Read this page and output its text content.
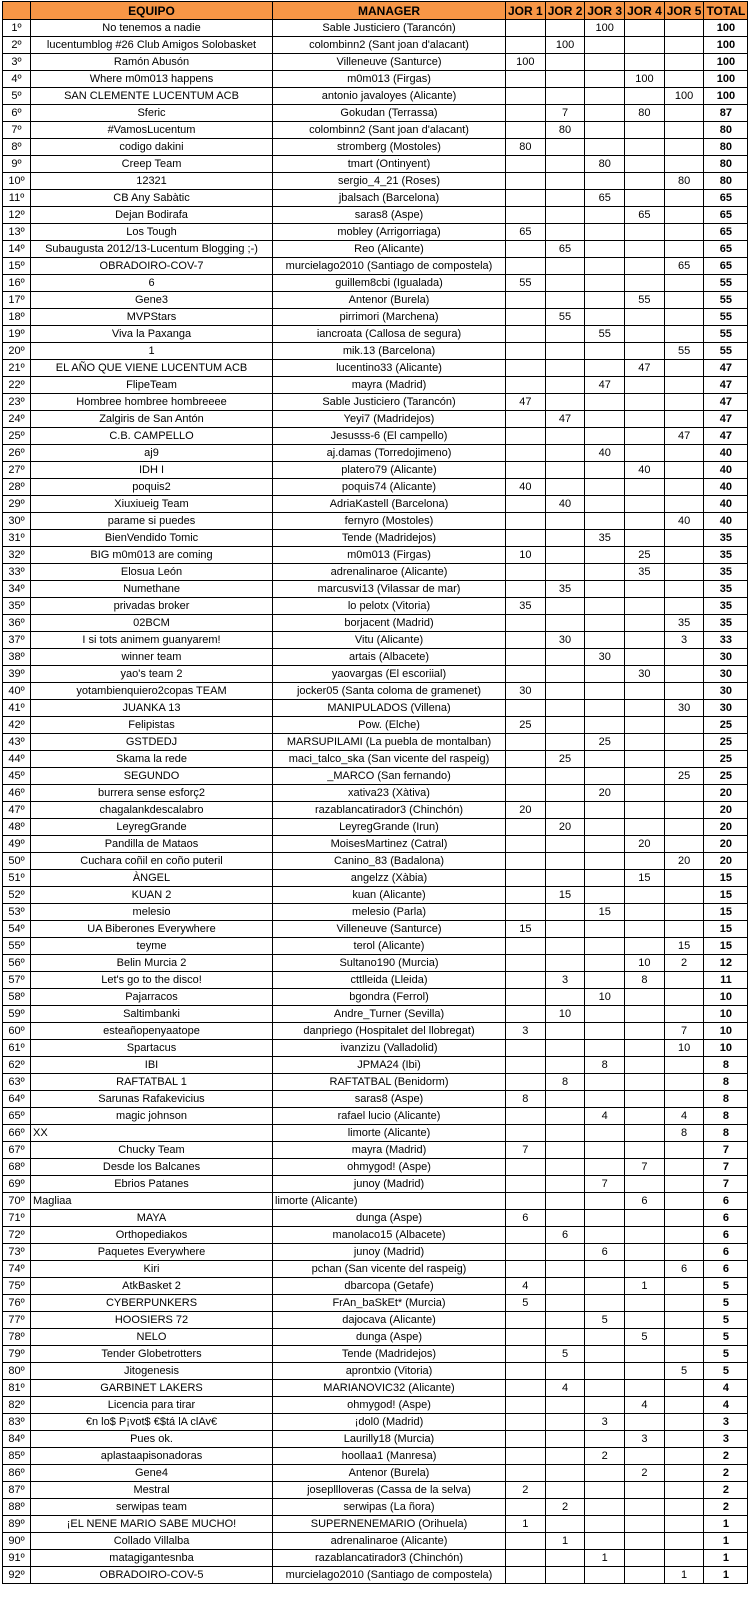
	EQUIPO	MANAGER	JOR 1	JOR 2	JOR 3	JOR 4	JOR 5	TOTAL
1º	No tenemos a nadie	Sable Justiciero (Tarancón)			100			100
2º	lucentumblog #26 Club Amigos Solobasket	colombinn2 (Sant joan d'alacant)		100				100
3º	Ramón Abusón	Villeneuve (Santurce)	100					100
4º	Where m0m013 happens	m0m013 (Firgas)				100		100
5º	SAN CLEMENTE LUCENTUM ACB	antonio javaloyes (Alicante)					100	100
6º	Sferic	Gokudan (Terrassa)		7		80		87
7º	#VamosLucentum	colombinn2 (Sant joan d'alacant)		80				80
8º	codigo dakini	stromberg (Mostoles)	80					80
9º	Creep Team	tmart (Ontinyent)			80			80
10º	12321	sergio_4_21 (Roses)					80	80
11º	CB Any Sabàtic	jbalsach (Barcelona)			65			65
12º	Dejan Bodirafa	saras8 (Aspe)				65		65
13º	Los Tough	mobley (Arrigorriaga)	65					65
14º	Subaugusta 2012/13-Lucentum Blogging ;-)	Reo (Alicante)		65				65
15º	OBRADOIRO-COV-7	murcielago2010 (Santiago de compostela)					65	65
16º	6	guillem8cbi (Igualada)	55					55
17º	Gene3	Antenor (Burela)				55		55
18º	MVPStars	pirrimori (Marchena)		55				55
19º	Viva la Paxanga	iancroata (Callosa de segura)			55			55
20º	1	mik.13 (Barcelona)					55	55
21º	EL AÑO QUE VIENE LUCENTUM ACB	lucentino33 (Alicante)				47		47
22º	FlipeTeam	mayra (Madrid)			47			47
23º	Hombree hombree hombreeee	Sable Justiciero (Tarancón)	47					47
24º	Zalgiris de San Antón	Yeyi7 (Madridejos)		47				47
25º	C.B. CAMPELLO	Jesusss-6 (El campello)					47	47
26º	aj9	aj.damas (Torredojimeno)			40			40
27º	IDH I	platero79 (Alicante)				40		40
28º	poquis2	poquis74 (Alicante)	40					40
29º	Xiuxiueig Team	AdriaKastell (Barcelona)		40				40
30º	parame si puedes	fernyro (Mostoles)					40	40
31º	BienVendido Tomic	Tende (Madridejos)			35			35
32º	BIG m0m013 are coming	m0m013 (Firgas)	10			25		35
33º	Elosua León	adrenalinaroe (Alicante)				35		35
34º	Numethane	marcusvi13 (Vilassar de mar)		35				35
35º	privadas broker	lo pelotx (Vitoria)	35					35
36º	02BCM	borjacent (Madrid)					35	35
37º	I si tots animem guanyarem!	Vitu (Alicante)		30			3	33
38º	winner team	artais (Albacete)			30			30
39º	yao's team 2	yaovargas (El escoriial)				30		30
40º	yotambienquiero2copas TEAM	jocker05 (Santa coloma de gramenet)	30					30
41º	JUANKA 13	MANIPULADOS (Villena)					30	30
42º	Felipistas	Pow. (Elche)	25					25
43º	GSTDEDJ	MARSUPILAMI (La puebla de montalban)			25			25
44º	Skama la rede	maci_talco_ska (San vicente del raspeig)		25				25
45º	SEGUNDO	_MARCO (San fernando)					25	25
46º	burrera sense esforç2	xativa23 (Xàtiva)			20			20
47º	chagalankdescalabro	razablancatirador3 (Chinchón)	20					20
48º	LeyregGrande	LeyregGrande (Irun)		20				20
49º	Pandilla de Mataos	MoisesMartinez (Catral)				20		20
50º	Cuchara coñil en coño puteril	Canino_83 (Badalona)					20	20
51º	ÀNGEL	angelzz (Xàbia)				15		15
52º	KUAN 2	kuan (Alicante)		15				15
53º	melesio	melesio (Parla)			15			15
54º	UA Biberones Everywhere	Villeneuve (Santurce)	15					15
55º	teyme	terol (Alicante)					15	15
56º	Belin Murcia 2	Sultano190 (Murcia)				10	2	12
57º	Let's go to the disco!	cttlleida (Lleida)		3		8		11
58º	Pajarracos	bgondra (Ferrol)			10			10
59º	Saltimbanki	Andre_Turner (Sevilla)		10				10
60º	esteañopenyaatope	danpriego (Hospitalet del llobregat)	3				7	10
61º	Spartacus	ivanzizu (Valladolid)					10	10
62º	IBI	JPMA24 (Ibi)			8			8
63º	RAFTATBAL 1	RAFTATBAL (Benidorm)		8				8
64º	Sarunas Rafakevicius	saras8 (Aspe)	8					8
65º	magic johnson	rafael lucio (Alicante)			4		4	8
66º	XX	limorte (Alicante)					8	8
67º	Chucky Team	mayra (Madrid)	7					7
68º	Desde los Balcanes	ohmygod! (Aspe)				7		7
69º	Ebrios Patanes	junoy (Madrid)			7			7
70º	Magliaa	limorte (Alicante)				6		6
71º	MAYA	dunga (Aspe)	6					6
72º	Orthopediakos	manolaco15 (Albacete)		6				6
73º	Paquetes Everywhere	junoy (Madrid)			6			6
74º	Kiri	pchan (San vicente del raspeig)					6	6
75º	AtkBasket 2	dbarcopa (Getafe)	4			1		5
76º	CYBERPUNKERS	FrAn_baSkEt* (Murcia)	5					5
77º	HOOSIERS 72	dajocava (Alicante)			5			5
78º	NELO	dunga (Aspe)				5		5
79º	Tender Globetrotters	Tende (Madridejos)		5				5
80º	Jitogenesis	aprontxio (Vitoria)					5	5
81º	GARBINET LAKERS	MARIANOVIC32 (Alicante)		4				4
82º	Licencia para tirar	ohmygod! (Aspe)				4		4
83º	€n lo$ P¡vot$ €$tá lA clAv€	¡dol0 (Madrid)			3			3
84º	Pues ok.	Laurilly18 (Murcia)				3		3
85º	aplastaapisonadoras	hoollaa1 (Manresa)			2			2
86º	Gene4	Antenor (Burela)				2		2
87º	Mestral	josepllloveras (Cassa de la selva)	2					2
88º	serwipas team	serwipas (La ñora)		2				2
89º	¡EL NENE MARIO SABE MUCHO!	SUPERNENEMARIO (Orihuela)	1					1
90º	Collado Villalba	adrenalinaroe (Alicante)		1				1
91º	matagigantesnba	razablancatirador3 (Chinchón)			1			1
92º	OBRADOIRO-COV-5	murcielago2010 (Santiago de compostela)					1	1
